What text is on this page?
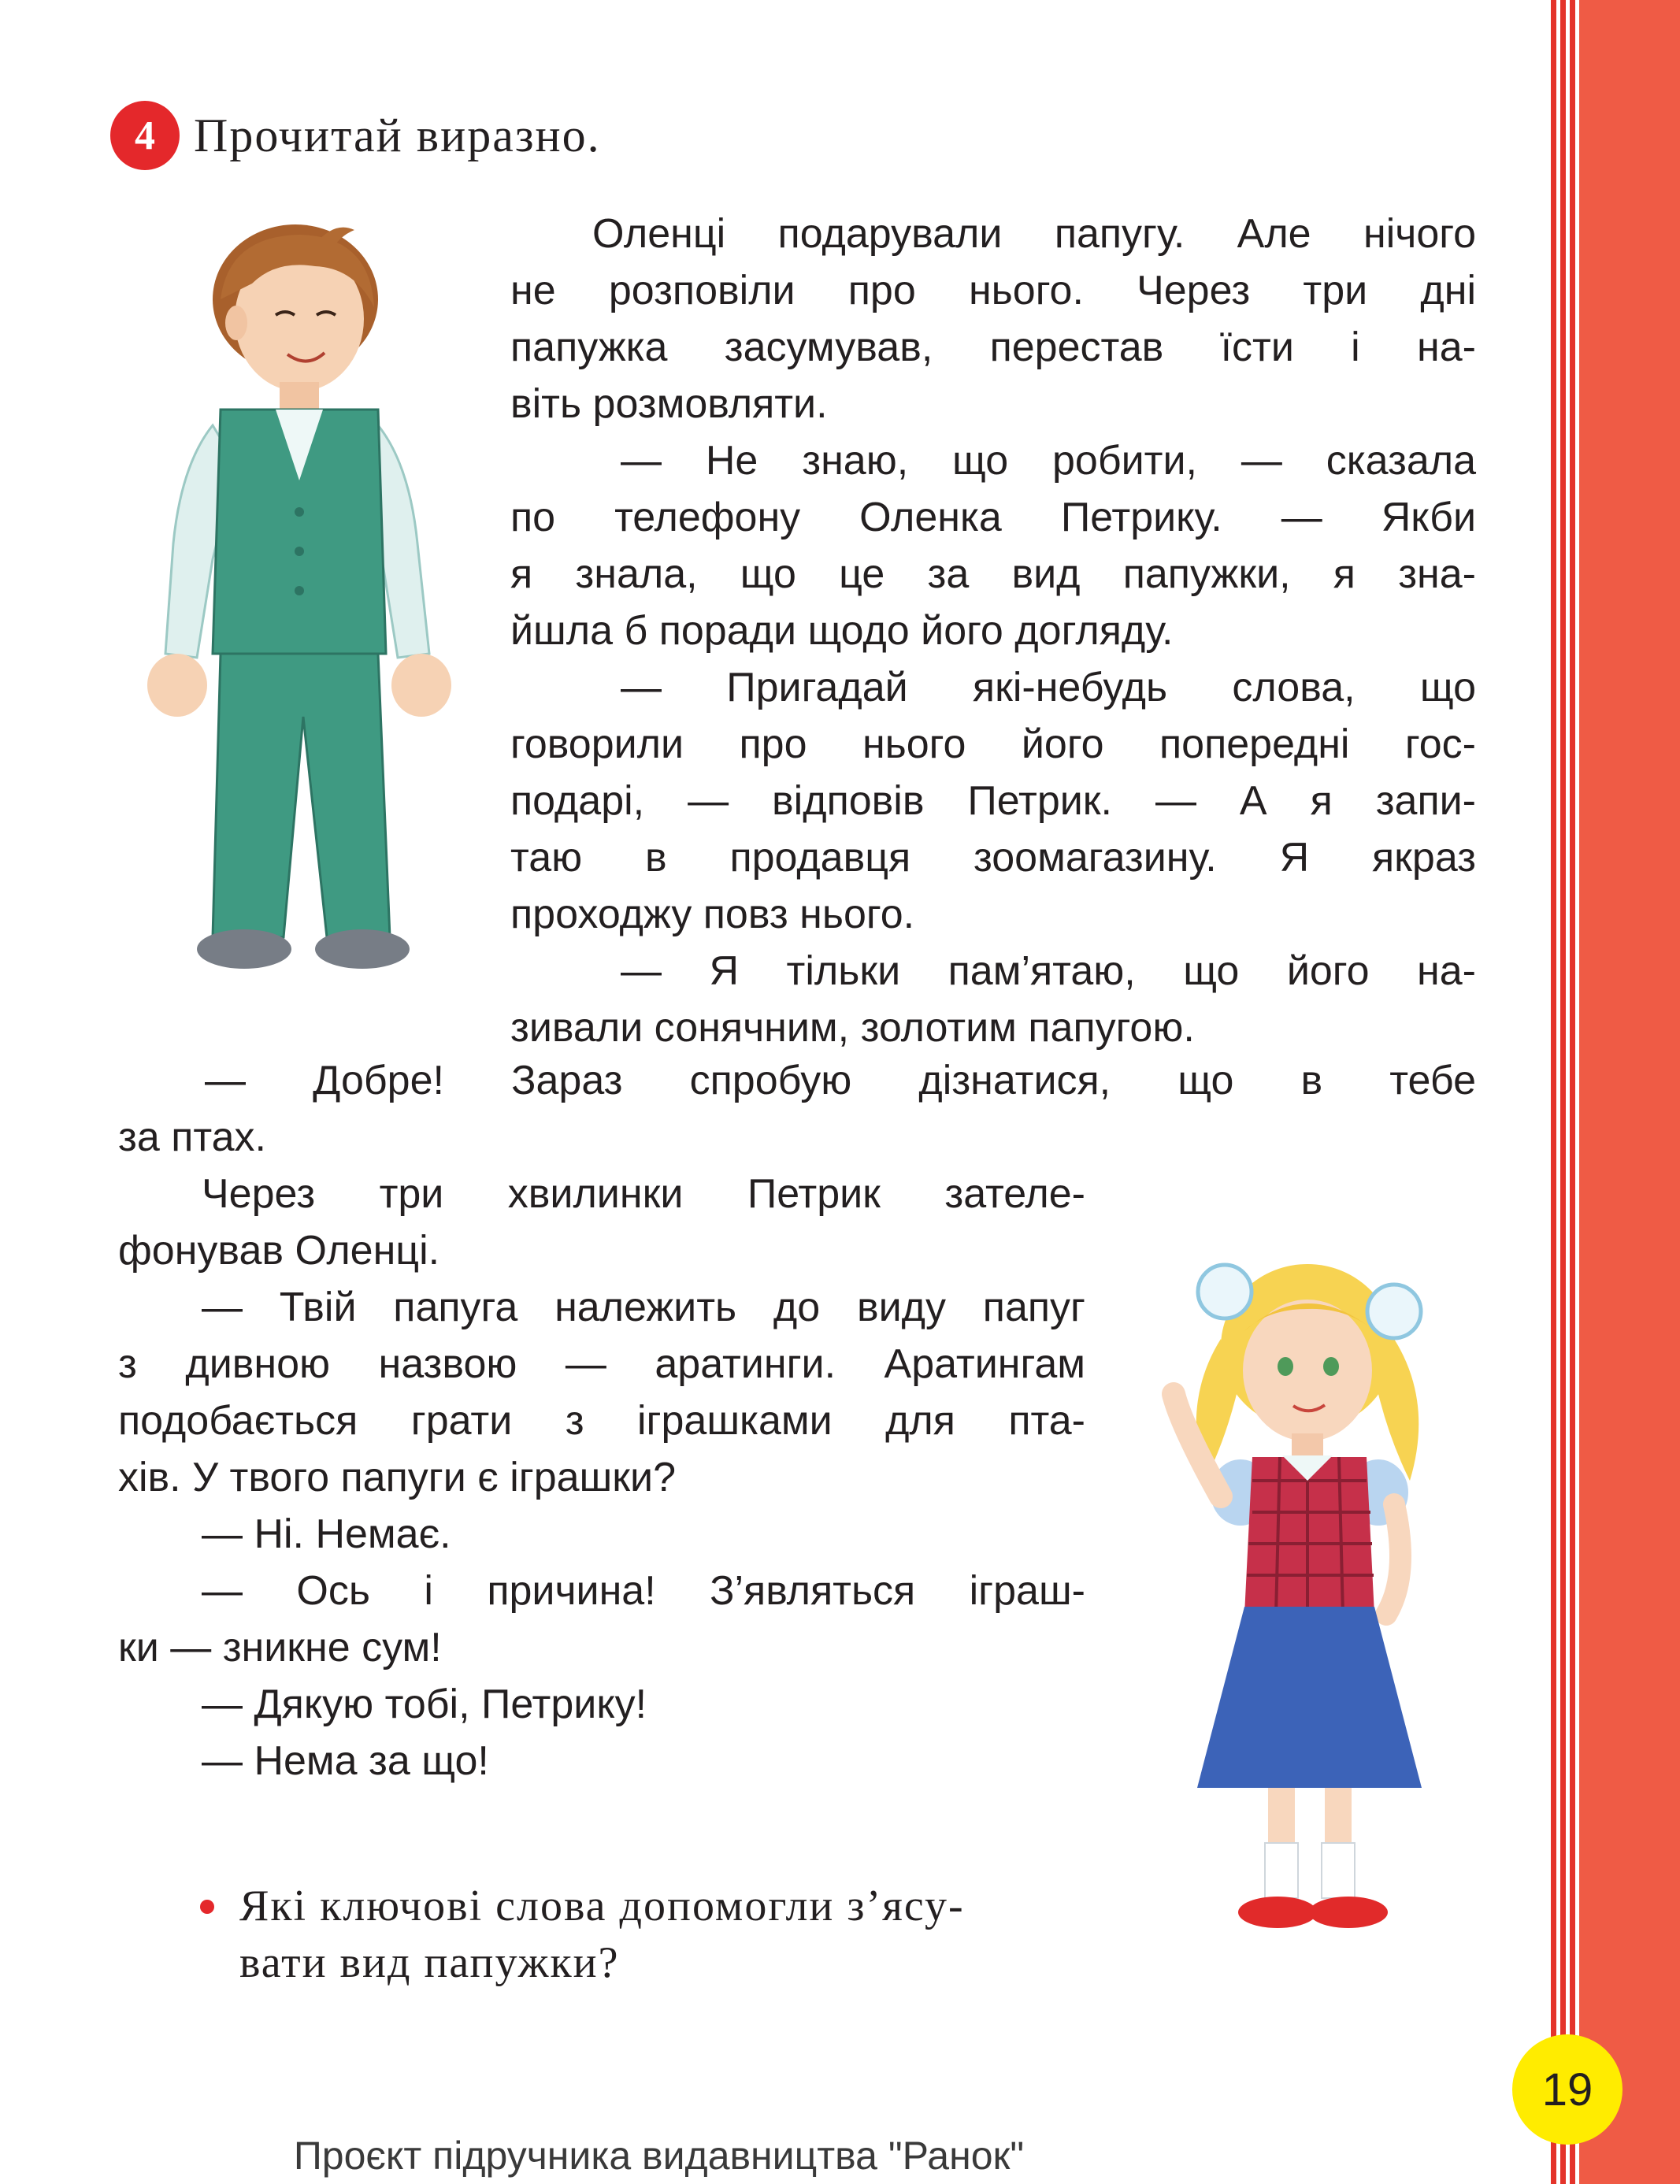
4 Прочитай виразно.
Оленці подарували папугу. Але нічого
не розповіли про нього. Через три дні
папужка засумував, перестав їсти і на-
віть розмовляти.
— Не знаю, що робити, — сказала
по телефону Оленка Петрику. — Якби
я знала, що це за вид папужки, я зна-
йшла б поради щодо його догляду.
— Пригадай які-небудь слова, що
говорили про нього його попередні гос-
подарі, — відповів Петрик. — А я запи-
таю в продавця зоомагазину. Я якраз
проходжу повз нього.
— Я тільки пам’ятаю, що його на-
зивали сонячним, золотим папугою.
— Добре! Зараз спробую дізнатися, що в тебе
за птах.
Через три хвилинки Петрик зателе-
фонував Оленці.
— Твій папуга належить до виду папуг
з дивною назвою — аратинги. Аратингам
подобається грати з іграшками для пта-
хів. У твого папуги є іграшки?
— Ні. Немає.
— Ось і причина! З’являться іграш-
ки — зникне сум!
— Дякую тобі, Петрику!
— Нема за що!
Які ключові слова допомогли з’ясу-
вати вид папужки?
19
Проєкт підручника видавництва "Ранок"
